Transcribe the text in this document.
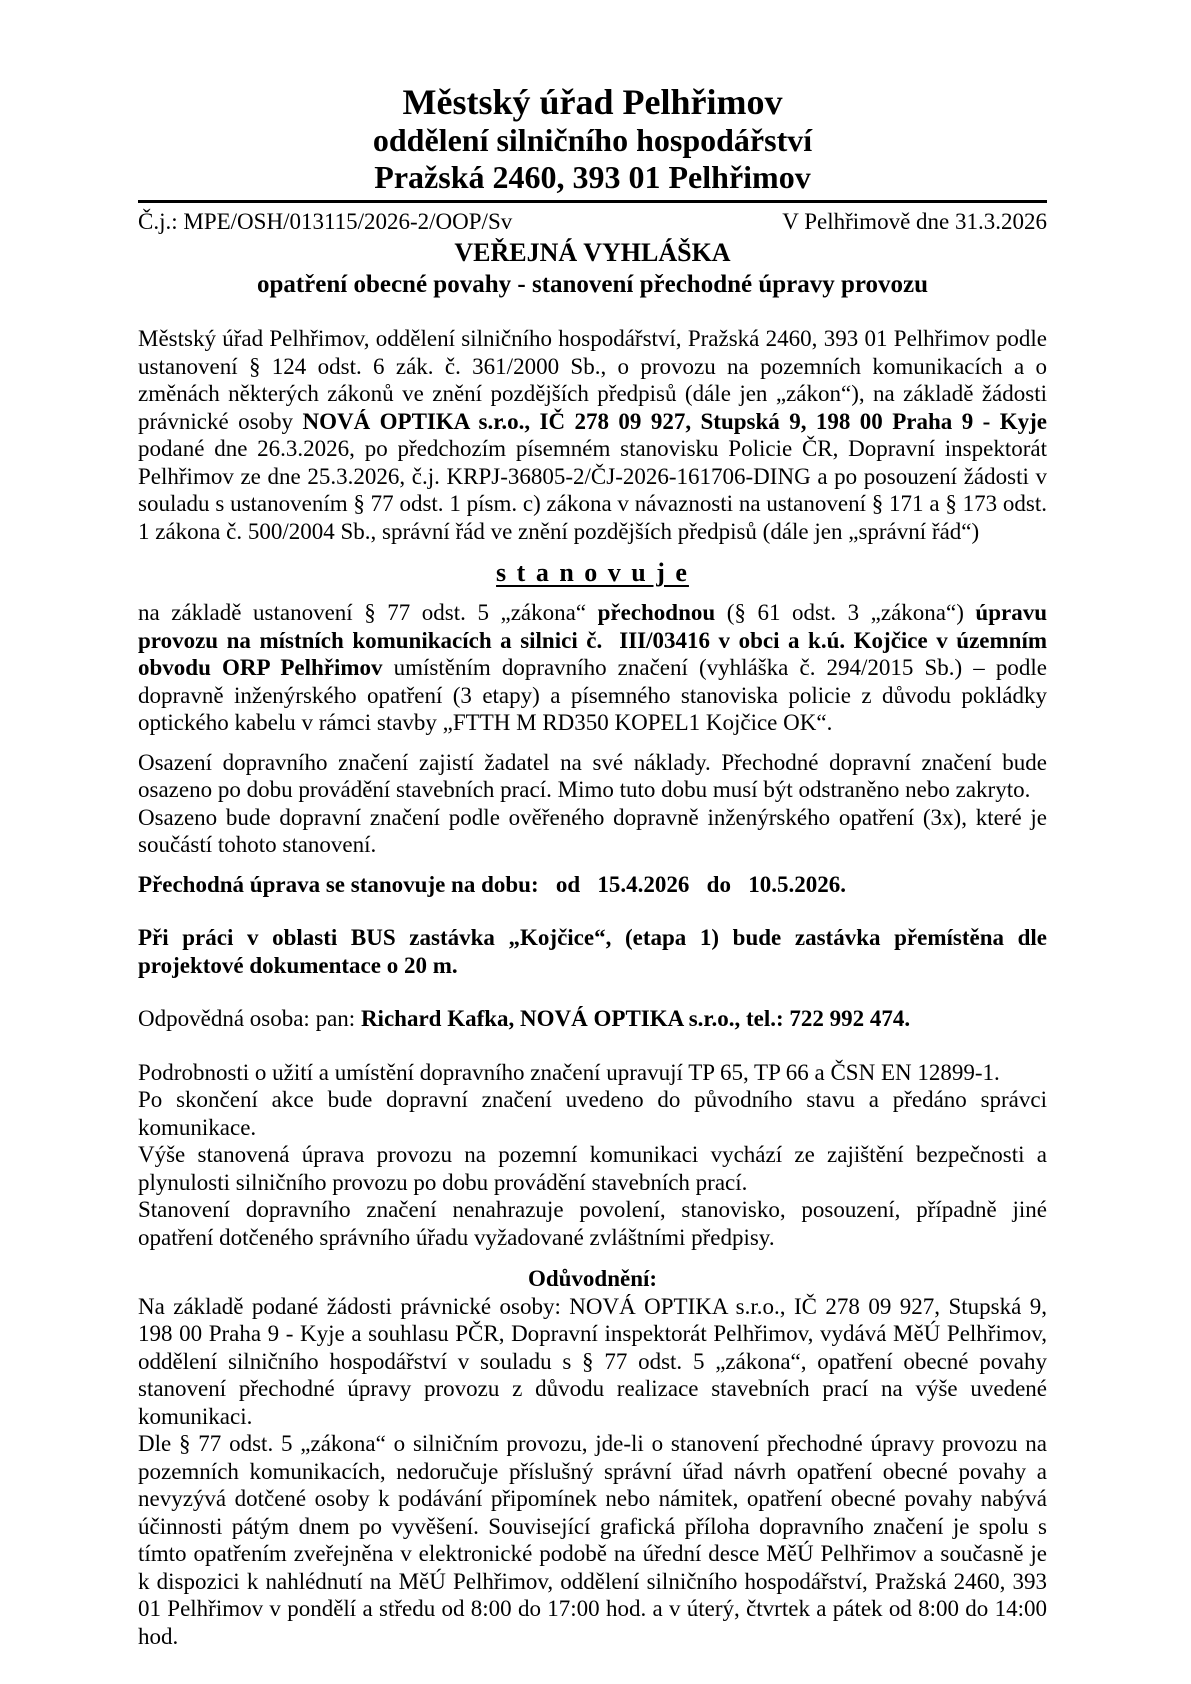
Městský úřad Pelhřimov
oddělení silničního hospodářství
Pražská 2460, 393 01 Pelhřimov
Č.j.: MPE/OSH/013115/2026-2/OOP/Sv	V Pelhřimově dne 31.3.2026
VEŘEJNÁ VYHLÁŠKA
opatření obecné povahy - stanovení přechodné úpravy provozu

Městský úřad Pelhřimov, oddělení silničního hospodářství, Pražská 2460, 393 01 Pelhřimov podle ustanovení § 124 odst. 6 zák. č. 361/2000 Sb., o provozu na pozemních komunikacích a o změnách některých zákonů ve znění pozdějších předpisů (dále jen „zákon“), na základě žádosti právnické osoby NOVÁ OPTIKA s.r.o., IČ 278 09 927, Stupská 9, 198 00 Praha 9 - Kyje podané dne 26.3.2026, po předchozím písemném stanovisku Policie ČR, Dopravní inspektorát Pelhřimov ze dne 25.3.2026, č.j. KRPJ-36805-2/ČJ-2026-161706-DING a po posouzení žádosti v souladu s ustanovením § 77 odst. 1 písm. c) zákona v návaznosti na ustanovení § 171 a § 173 odst. 1 zákona č. 500/2004 Sb., správní řád ve znění pozdějších předpisů (dále jen „správní řád“)

s t a n o v u j e

na základě ustanovení § 77 odst. 5 „zákona“ přechodnou (§ 61 odst. 3 „zákona“) úpravu provozu na místních komunikacích a silnici č.  III/03416 v obci a k.ú. Kojčice v územním obvodu ORP Pelhřimov umístěním dopravního značení (vyhláška č. 294/2015 Sb.) – podle dopravně inženýrského opatření (3 etapy) a písemného stanoviska policie z důvodu pokládky optického kabelu v rámci stavby „FTTH M RD350 KOPEL1 Kojčice OK“.

Osazení dopravního značení zajistí žadatel na své náklady. Přechodné dopravní značení bude osazeno po dobu provádění stavebních prací. Mimo tuto dobu musí být odstraněno nebo zakryto.

Osazeno bude dopravní značení podle ověřeného dopravně inženýrského opatření (3x), které je součástí tohoto stanovení.

Přechodná úprava se stanovuje na dobu:   od   15.4.2026   do   10.5.2026.

Při práci v oblasti BUS zastávka „Kojčice“, (etapa 1) bude zastávka přemístěna dle projektové dokumentace o 20 m.

Odpovědná osoba: pan: Richard Kafka, NOVÁ OPTIKA s.r.o., tel.: 722 992 474.

Podrobnosti o užití a umístění dopravního značení upravují TP 65, TP 66 a ČSN EN 12899-1.

Po skončení akce bude dopravní značení uvedeno do původního stavu a předáno správci komunikace.

Výše stanovená úprava provozu na pozemní komunikaci vychází ze zajištění bezpečnosti a plynulosti silničního provozu po dobu provádění stavebních prací.

Stanovení dopravního značení nenahrazuje povolení, stanovisko, posouzení, případně jiné opatření dotčeného správního úřadu vyžadované zvláštními předpisy.

Odůvodnění:

Na základě podané žádosti právnické osoby: NOVÁ OPTIKA s.r.o., IČ 278 09 927, Stupská 9, 198 00 Praha 9 - Kyje a souhlasu PČR, Dopravní inspektorát Pelhřimov, vydává MěÚ Pelhřimov, oddělení silničního hospodářství v souladu s § 77 odst. 5 „zákona“, opatření obecné povahy stanovení přechodné úpravy provozu z důvodu realizace stavebních prací na výše uvedené komunikaci.

Dle § 77 odst. 5 „zákona“ o silničním provozu, jde-li o stanovení přechodné úpravy provozu na pozemních komunikacích, nedoručuje příslušný správní úřad návrh opatření obecné povahy a nevyzývá dotčené osoby k podávání připomínek nebo námitek, opatření obecné povahy nabývá účinnosti pátým dnem po vyvěšení. Související grafická příloha dopravního značení je spolu s tímto opatřením zveřejněna v elektronické podobě na úřední desce MěÚ Pelhřimov a současně je k dispozici k nahlédnutí na MěÚ Pelhřimov, oddělení silničního hospodářství, Pražská 2460, 393 01 Pelhřimov v pondělí a středu od 8:00 do 17:00 hod. a v úterý, čtvrtek a pátek od 8:00 do 14:00 hod.
